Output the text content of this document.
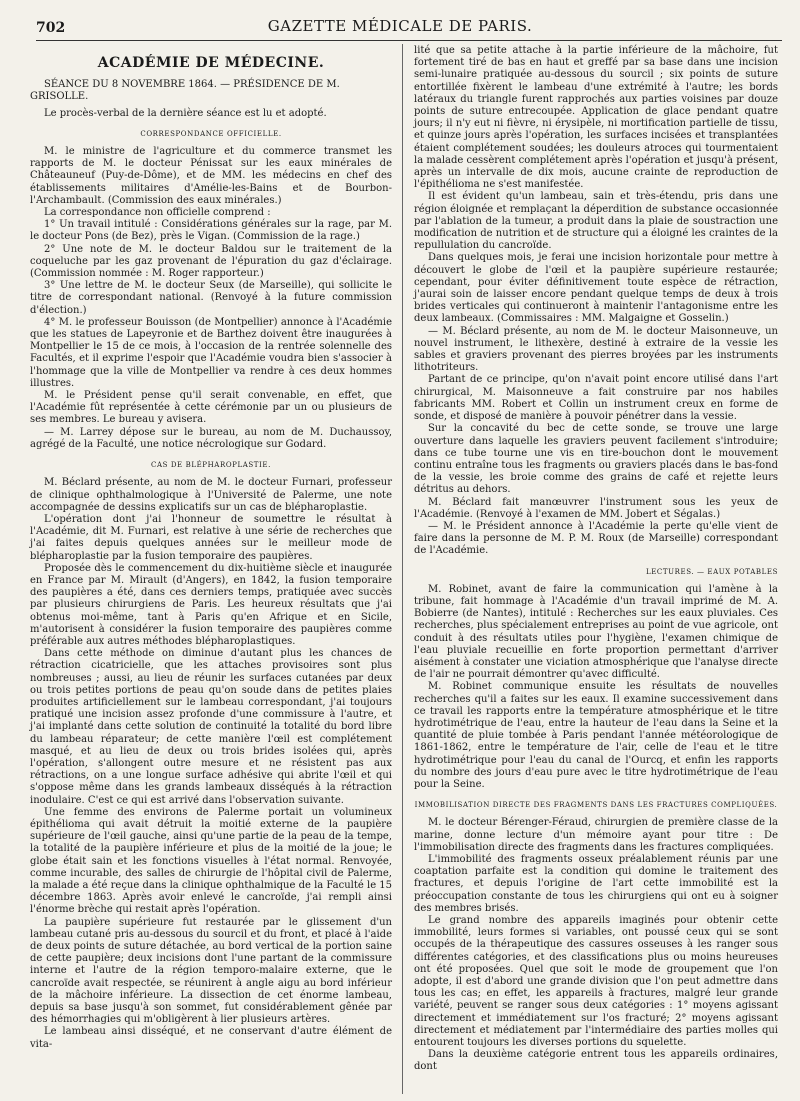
702	GAZETTE MÉDICALE DE PARIS.

ACADÉMIE DE MÉDECINE.

SÉANCE DU 8 NOVEMBRE 1864. — PRÉSIDENCE DE M. GRISOLLE.

Le procès-verbal de la dernière séance est lu et adopté.

CORRESPONDANCE OFFICIELLE.

M. le ministre de l'agriculture et du commerce transmet les rapports de M. le docteur Pénissat sur les eaux minérales de Châteauneuf (Puy-de-Dôme), et de MM. les médecins en chef des établissements militaires d'Amélie-les-Bains et de Bourbon-l'Archambault. (Commission des eaux minérales.)

La correspondance non officielle comprend :

1° Un travail intitulé : Considérations générales sur la rage, par M. le docteur Pons (de Bez), près le Vigan. (Commission de la rage.)

2° Une note de M. le docteur Baldou sur le traitement de la coqueluche par les gaz provenant de l'épuration du gaz d'éclairage. (Commission nommée : M. Roger rapporteur.)

3° Une lettre de M. le docteur Seux (de Marseille), qui sollicite le titre de correspondant national. (Renvoyé à la future commission d'élection.)

4° M. le professeur Bouisson (de Montpellier) annonce à l'Académie que les statues de Lapeyronie et de Barthez doivent être inaugurées à Montpellier le 15 de ce mois, à l'occasion de la rentrée solennelle des Facultés, et il exprime l'espoir que l'Académie voudra bien s'associer à l'hommage que la ville de Montpellier va rendre à ces deux hommes illustres.

M. le Président pense qu'il serait convenable, en effet, que l'Académie fût représentée à cette cérémonie par un ou plusieurs de ses membres. Le bureau y avisera.

— M. Larrey dépose sur le bureau, au nom de M. Duchaussoy, agrégé de la Faculté, une notice nécrologique sur Godard.

CAS DE BLÉPHAROPLASTIE.

M. Béclard présente, au nom de M. le docteur Furnari, professeur de clinique ophthalmologique à l'Université de Palerme, une note accompagnée de dessins explicatifs sur un cas de blépharoplastie.

L'opération dont j'ai l'honneur de soumettre le résultat à l'Académie, dit M. Furnari, est relative à une série de recherches que j'ai faites depuis quelques années sur le meilleur mode de blépharoplastie par la fusion temporaire des paupières.

Proposée dès le commencement du dix-huitième siècle et inaugurée en France par M. Mirault (d'Angers), en 1842, la fusion temporaire des paupières a été, dans ces derniers temps, pratiquée avec succès par plusieurs chirurgiens de Paris. Les heureux résultats que j'ai obtenus moi-même, tant à Paris qu'en Afrique et en Sicile, m'autorisent à considérer la fusion temporaire des paupières comme préférable aux autres méthodes blépharoplastiques.

Dans cette méthode on diminue d'autant plus les chances de rétraction cicatricielle, que les attaches provisoires sont plus nombreuses ; aussi, au lieu de réunir les surfaces cutanées par deux ou trois petites portions de peau qu'on soude dans de petites plaies produites artificiellement sur le lambeau correspondant, j'ai toujours pratiqué une incision assez profonde d'une commissure à l'autre, et j'ai implanté dans cette solution de continuité la totalité du bord libre du lambeau réparateur; de cette manière l'œil est complétement masqué, et au lieu de deux ou trois brides isolées qui, après l'opération, s'allongent outre mesure et ne résistent pas aux rétractions, on a une longue surface adhésive qui abrite l'œil et qui s'oppose même dans les grands lambeaux disséqués à la rétraction inodulaire. C'est ce qui est arrivé dans l'observation suivante.

Une femme des environs de Palerme portait un volumineux épithélioma qui avait détruit la moitié externe de la paupière supérieure de l'œil gauche, ainsi qu'une partie de la peau de la tempe, la totalité de la paupière inférieure et plus de la moitié de la joue; le globe était sain et les fonctions visuelles à l'état normal. Renvoyée, comme incurable, des salles de chirurgie de l'hôpital civil de Palerme, la malade a été reçue dans la clinique ophthalmique de la Faculté le 15 décembre 1863. Après avoir enlevé le cancroïde, j'ai rempli ainsi l'énorme brèche qui restait après l'opération.

La paupière supérieure fut restaurée par le glissement d'un lambeau cutané pris au-dessous du sourcil et du front, et placé à l'aide de deux points de suture détachée, au bord vertical de la portion saine de cette paupière; deux incisions dont l'une partant de la commissure interne et l'autre de la région temporo-malaire externe, que le cancroïde avait respectée, se réunirent à angle aigu au bord inférieur de la mâchoire inférieure. La dissection de cet énorme lambeau, depuis sa base jusqu'à son sommet, fut considérablement gênée par des hémorrhagies qui m'obligèrent à lier plusieurs artères.

Le lambeau ainsi disséqué, et ne conservant d'autre élément de vita-

lité que sa petite attache à la partie inférieure de la mâchoire, fut fortement tiré de bas en haut et greffé par sa base dans une incision semi-lunaire pratiquée au-dessous du sourcil ; six points de suture entortillée fixèrent le lambeau d'une extrémité à l'autre; les bords latéraux du triangle furent rapprochés aux parties voisines par douze points de suture entrecoupée. Application de glace pendant quatre jours; il n'y eut ni fièvre, ni érysipèle, ni mortification partielle de tissu, et quinze jours après l'opération, les surfaces incisées et transplantées étaient complétement soudées; les douleurs atroces qui tourmentaient la malade cessèrent complétement après l'opération et jusqu'à présent, après un intervalle de dix mois, aucune crainte de reproduction de l'épithélioma ne s'est manifestée.

Il est évident qu'un lambeau, sain et très-étendu, pris dans une région éloignée et remplaçant la déperdition de substance occasionnée par l'ablation de la tumeur, a produit dans la plaie de soustraction une modification de nutrition et de structure qui a éloigné les craintes de la repullulation du cancroïde.

Dans quelques mois, je ferai une incision horizontale pour mettre à découvert le globe de l'œil et la paupière supérieure restaurée; cependant, pour éviter définitivement toute espèce de rétraction, j'aurai soin de laisser encore pendant quelque temps de deux à trois brides verticales qui continueront à maintenir l'antagonisme entre les deux lambeaux. (Commissaires : MM. Malgaigne et Gosselin.)

— M. Béclard présente, au nom de M. le docteur Maisonneuve, un nouvel instrument, le lithexère, destiné à extraire de la vessie les sables et graviers provenant des pierres broyées par les instruments lithotriteurs.

Partant de ce principe, qu'on n'avait point encore utilisé dans l'art chirurgical, M. Maisonneuve a fait construire par nos habiles fabricants MM. Robert et Collin un instrument creux en forme de sonde, et disposé de manière à pouvoir pénétrer dans la vessie.

Sur la concavité du bec de cette sonde, se trouve une large ouverture dans laquelle les graviers peuvent facilement s'introduire; dans ce tube tourne une vis en tire-bouchon dont le mouvement continu entraîne tous les fragments ou graviers placés dans le bas-fond de la vessie, les broie comme des grains de café et rejette leurs détritus au dehors.

M. Béclard fait manœuvrer l'instrument sous les yeux de l'Académie. (Renvoyé à l'examen de MM. Jobert et Ségalas.)

— M. le Président annonce à l'Académie la perte qu'elle vient de faire dans la personne de M. P. M. Roux (de Marseille) correspondant de l'Académie.

LECTURES. — EAUX POTABLES

M. Robinet, avant de faire la communication qui l'amène à la tribune, fait hommage à l'Académie d'un travail imprimé de M. A. Bobierre (de Nantes), intitulé : Recherches sur les eaux pluviales. Ces recherches, plus spécialement entreprises au point de vue agricole, ont conduit à des résultats utiles pour l'hygiène, l'examen chimique de l'eau pluviale recueillie en forte proportion permettant d'arriver aisément à constater une viciation atmosphérique que l'analyse directe de l'air ne pourrait démontrer qu'avec difficulté.

M. Robinet communique ensuite les résultats de nouvelles recherches qu'il a faites sur les eaux. Il examine successivement dans ce travail les rapports entre la température atmosphérique et le titre hydrotimétrique de l'eau, entre la hauteur de l'eau dans la Seine et la quantité de pluie tombée à Paris pendant l'année météorologique de 1861-1862, entre le température de l'air, celle de l'eau et le titre hydrotimétrique pour l'eau du canal de l'Ourcq, et enfin les rapports du nombre des jours d'eau pure avec le titre hydrotimétrique de l'eau pour la Seine.

IMMOBILISATION DIRECTE DES FRAGMENTS DANS LES FRACTURES COMPLIQUÉES.

M. le docteur Bérenger-Féraud, chirurgien de première classe de la marine, donne lecture d'un mémoire ayant pour titre : De l'immobilisation directe des fragments dans les fractures compliquées.

L'immobilité des fragments osseux préalablement réunis par une coaptation parfaite est la condition qui domine le traitement des fractures, et depuis l'origine de l'art cette immobilité est la préoccupation constante de tous les chirurgiens qui ont eu à soigner des membres brisés.

Le grand nombre des appareils imaginés pour obtenir cette immobilité, leurs formes si variables, ont poussé ceux qui se sont occupés de la thérapeutique des cassures osseuses à les ranger sous différentes catégories, et des classifications plus ou moins heureuses ont été proposées. Quel que soit le mode de groupement que l'on adopte, il est d'abord une grande division que l'on peut admettre dans tous les cas; en effet, les appareils à fractures, malgré leur grande variété, peuvent se ranger sous deux catégories : 1° moyens agissant directement et immédiatement sur l'os fracturé; 2° moyens agissant directement et médiatement par l'intermédiaire des parties molles qui entourent toujours les diverses portions du squelette.

Dans la deuxième catégorie entrent tous les appareils ordinaires, dont
